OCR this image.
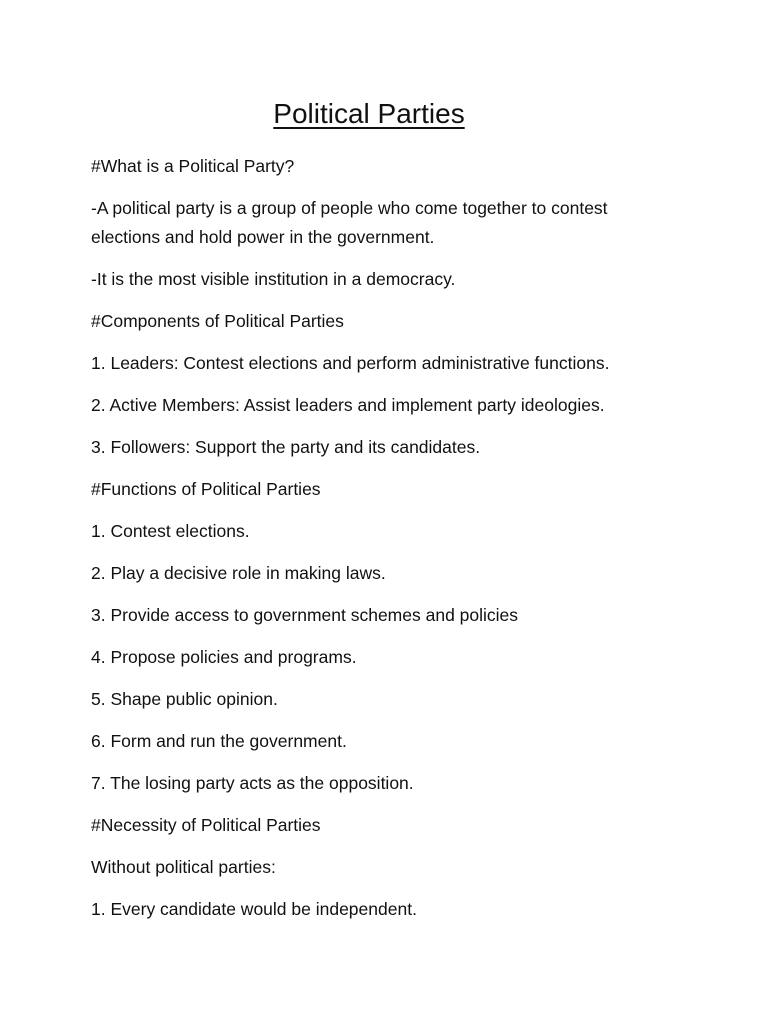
Political Parties

#What is a Political Party?

-A political party is a group of people who come together to contest elections and hold power in the government.

-It is the most visible institution in a democracy.

#Components of Political Parties

1. Leaders: Contest elections and perform administrative functions.

2. Active Members: Assist leaders and implement party ideologies.

3. Followers: Support the party and its candidates.

#Functions of Political Parties

1. Contest elections.

2. Play a decisive role in making laws.

3. Provide access to government schemes and policies

4. Propose policies and programs.

5. Shape public opinion.

6. Form and run the government.

7. The losing party acts as the opposition.

#Necessity of Political Parties

Without political parties:

1. Every candidate would be independent.
